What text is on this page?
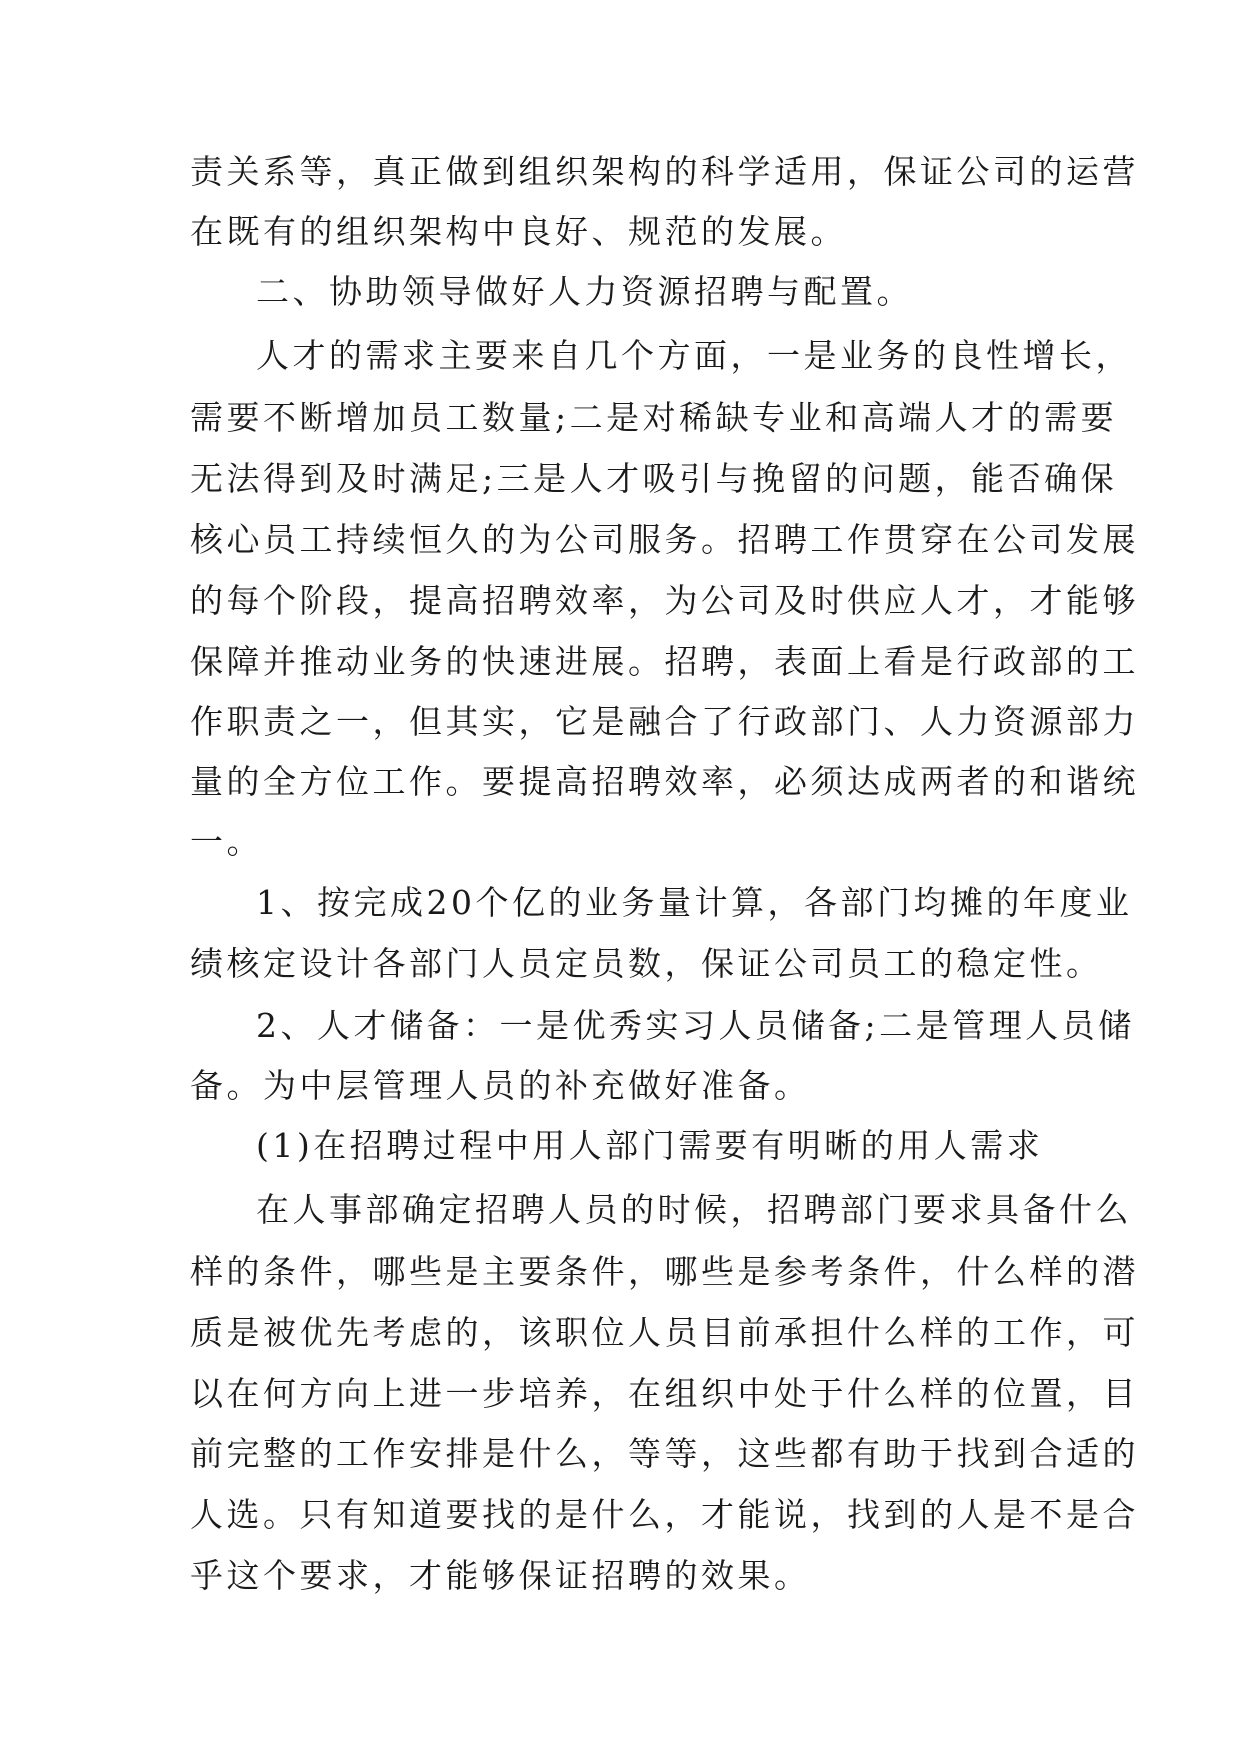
责关系等，真正做到组织架构的科学适用，保证公司的运营
在既有的组织架构中良好、规范的发展。
二、协助领导做好人力资源招聘与配置。
人才的需求主要来自几个方面，一是业务的良性增长，
需要不断增加员工数量;二是对稀缺专业和高端人才的需要
无法得到及时满足;三是人才吸引与挽留的问题，能否确保
核心员工持续恒久的为公司服务。招聘工作贯穿在公司发展
的每个阶段，提高招聘效率，为公司及时供应人才，才能够
保障并推动业务的快速进展。招聘，表面上看是行政部的工
作职责之一，但其实，它是融合了行政部门、人力资源部力
量的全方位工作。要提高招聘效率，必须达成两者的和谐统
一。
1、按完成20个亿的业务量计算，各部门均摊的年度业
绩核定设计各部门人员定员数，保证公司员工的稳定性。
2、人才储备：一是优秀实习人员储备;二是管理人员储
备。为中层管理人员的补充做好准备。
(1)在招聘过程中用人部门需要有明晰的用人需求
在人事部确定招聘人员的时候，招聘部门要求具备什么
样的条件，哪些是主要条件，哪些是参考条件，什么样的潜
质是被优先考虑的，该职位人员目前承担什么样的工作，可
以在何方向上进一步培养，在组织中处于什么样的位置，目
前完整的工作安排是什么，等等，这些都有助于找到合适的
人选。只有知道要找的是什么，才能说，找到的人是不是合
乎这个要求，才能够保证招聘的效果。
